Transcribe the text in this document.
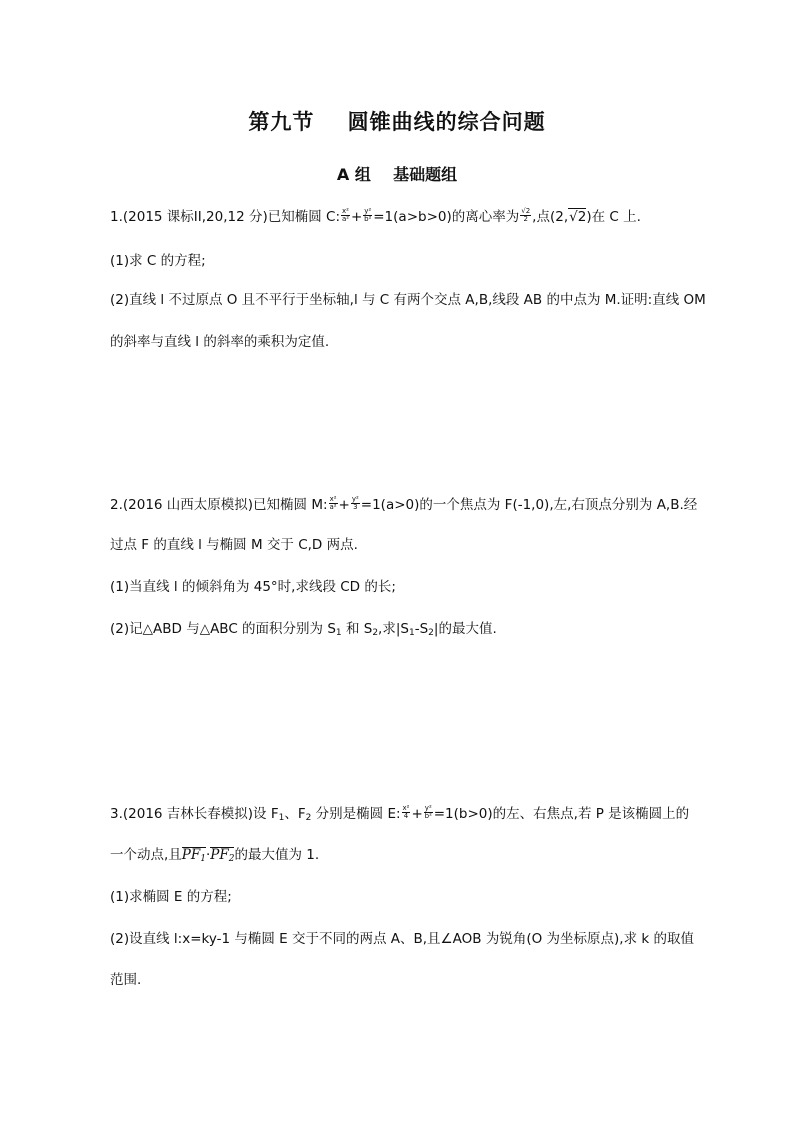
第九节    圆锥曲线的综合问题
A 组    基础题组
1.(2015 课标II,20,12 分)已知椭圆 C: $\frac{\text{x²}}{\text{a²}} + \frac{\text{y²}}{\text{b²}} =1(a>b>0)$的离心率为 $\frac{√2}{2}$ ,点(2,√2)在 C 上.
(1)求 C 的方程;
(2)直线 l 不过原点 O 且不平行于坐标轴,l 与 C 有两个交点 A,B,线段 AB 的中点为 M.证明:直线 OM
的斜率与直线 l 的斜率的乘积为定值.
2.(2016 山西太原模拟)已知椭圆 M: $\frac{\text{x²}}{\text{a²}} + \frac{\text{y²}}{3} =1(a>0)$的一个焦点为 F(-1,0),左,右顶点分别为 A,B.经
过点 F 的直线 l 与椭圆 M 交于 C,D 两点.
(1)当直线 l 的倾斜角为 45°时,求线段 CD 的长;
(2)记△ABD 与△ABC 的面积分别为 $S_1$ 和 $S_2$,求$|S_1-S_2|$的最大值.
3.(2016 吉林长春模拟)设 $F_1$、$F_2$ 分别是椭圆 E: $\frac{\text{x²}}{4} + \frac{\text{y²}}{\text{b²}} =1(b>0)$的左、右焦点,若 P 是该椭圆上的
一个动点,且$PF_1\cdot PF_2$的最大值为 1.
(1)求椭圆 E 的方程;
(2)设直线 l:x=ky-1 与椭圆 E 交于不同的两点 A、B,且∠AOB 为锐角(O 为坐标原点),求 k 的取值
范围.
